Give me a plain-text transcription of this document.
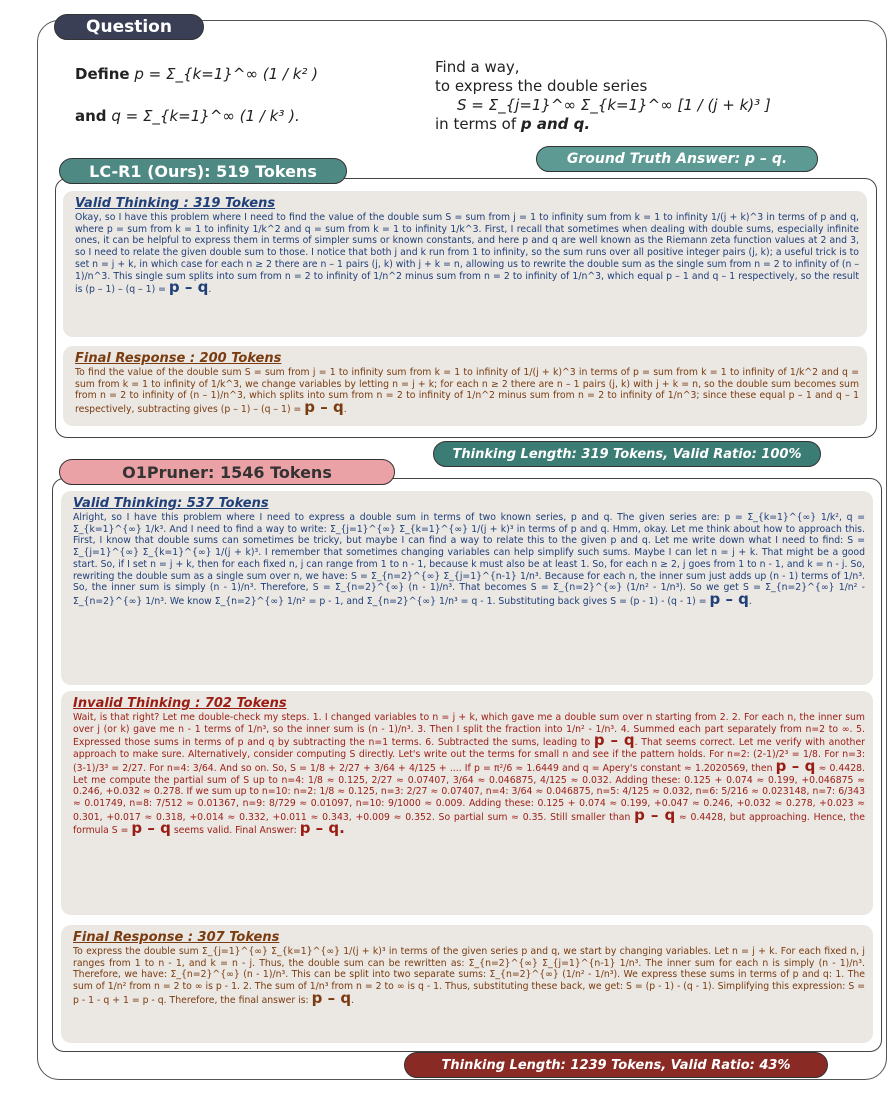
Question
Define p = Σ_{k=1}^∞ (1 / k² )
and q = Σ_{k=1}^∞ (1 / k³ ).
Find a way,
to express the double series
S = Σ_{j=1}^∞ Σ_{k=1}^∞ [1 / (j + k)³ ]
in terms of p and q.
Ground Truth Answer: p – q.
Valid Thinking : 319 Tokens
Okay, so I have this problem where I need to find the value of the double sum S = sum from j = 1 to infinity sum from k = 1 to infinity 1/(j + k)^3 in terms of p and q, where p = sum from k = 1 to infinity 1/k^2 and q = sum from k = 1 to infinity 1/k^3. First, I recall that sometimes when dealing with double sums, especially infinite ones, it can be helpful to express them in terms of simpler sums or known constants, and here p and q are well known as the Riemann zeta function values at 2 and 3, so I need to relate the given double sum to those. I notice that both j and k run from 1 to infinity, so the sum runs over all positive integer pairs (j, k); a useful trick is to set n = j + k, in which case for each n ≥ 2 there are n – 1 pairs (j, k) with j + k = n, allowing us to rewrite the double sum as the single sum from n = 2 to infinity of (n – 1)/n^3. This single sum splits into sum from n = 2 to infinity of 1/n^2 minus sum from n = 2 to infinity of 1/n^3, which equal p – 1 and q – 1 respectively, so the result is (p – 1) – (q – 1) = p – q.
Final Response : 200 Tokens
To find the value of the double sum S = sum from j = 1 to infinity sum from k = 1 to infinity of 1/(j + k)^3 in terms of p = sum from k = 1 to infinity of 1/k^2 and q = sum from k = 1 to infinity of 1/k^3, we change variables by letting n = j + k; for each n ≥ 2 there are n – 1 pairs (j, k) with j + k = n, so the double sum becomes sum from n = 2 to infinity of (n – 1)/n^3, which splits into sum from n = 2 to infinity of 1/n^2 minus sum from n = 2 to infinity of 1/n^3; since these equal p – 1 and q – 1 respectively, subtracting gives (p – 1) – (q – 1) = p – q.
LC-R1 (Ours): 519 Tokens
Thinking Length: 319 Tokens, Valid Ratio: 100%
Valid Thinking: 537 Tokens
Alright, so I have this problem where I need to express a double sum in terms of two known series, p and q. The given series are: p = Σ_{k=1}^{∞} 1/k², q = Σ_{k=1}^{∞} 1/k³. And I need to find a way to write: Σ_{j=1}^{∞} Σ_{k=1}^{∞} 1/(j + k)³ in terms of p and q. Hmm, okay. Let me think about how to approach this. First, I know that double sums can sometimes be tricky, but maybe I can find a way to relate this to the given p and q. Let me write down what I need to find: S = Σ_{j=1}^{∞} Σ_{k=1}^{∞} 1/(j + k)³. I remember that sometimes changing variables can help simplify such sums. Maybe I can let n = j + k. That might be a good start. So, if I set n = j + k, then for each fixed n, j can range from 1 to n - 1, because k must also be at least 1. So, for each n ≥ 2, j goes from 1 to n - 1, and k = n - j. So, rewriting the double sum as a single sum over n, we have: S = Σ_{n=2}^{∞} Σ_{j=1}^{n-1} 1/n³. Because for each n, the inner sum just adds up (n - 1) terms of 1/n³. So, the inner sum is simply (n - 1)/n³. Therefore, S = Σ_{n=2}^{∞} (n - 1)/n³. That becomes S = Σ_{n=2}^{∞} (1/n² - 1/n³). So we get S = Σ_{n=2}^{∞} 1/n² - Σ_{n=2}^{∞} 1/n³. We know Σ_{n=2}^{∞} 1/n² = p - 1, and Σ_{n=2}^{∞} 1/n³ = q - 1. Substituting back gives S = (p - 1) - (q - 1) = p – q.
Invalid Thinking : 702 Tokens
Wait, is that right? Let me double-check my steps. 1. I changed variables to n = j + k, which gave me a double sum over n starting from 2. 2. For each n, the inner sum over j (or k) gave me n - 1 terms of 1/n³, so the inner sum is (n - 1)/n³. 3. Then I split the fraction into 1/n² - 1/n³. 4. Summed each part separately from n=2 to ∞. 5. Expressed those sums in terms of p and q by subtracting the n=1 terms. 6. Subtracted the sums, leading to p – q. That seems correct. Let me verify with another approach to make sure. Alternatively, consider computing S directly. Let's write out the terms for small n and see if the pattern holds. For n=2: (2-1)/2³ = 1/8. For n=3: (3-1)/3³ = 2/27. For n=4: 3/64. And so on. So, S = 1/8 + 2/27 + 3/64 + 4/125 + .... If p = π²/6 ≈ 1.6449 and q = Apery's constant ≈ 1.2020569, then p – q ≈ 0.4428. Let me compute the partial sum of S up to n=4: 1/8 ≈ 0.125, 2/27 ≈ 0.07407, 3/64 ≈ 0.046875, 4/125 ≈ 0.032. Adding these: 0.125 + 0.074 ≈ 0.199, +0.046875 ≈ 0.246, +0.032 ≈ 0.278. If we sum up to n=10: n=2: 1/8 ≈ 0.125, n=3: 2/27 ≈ 0.07407, n=4: 3/64 ≈ 0.046875, n=5: 4/125 ≈ 0.032, n=6: 5/216 ≈ 0.023148, n=7: 6/343 ≈ 0.01749, n=8: 7/512 ≈ 0.01367, n=9: 8/729 ≈ 0.01097, n=10: 9/1000 ≈ 0.009. Adding these: 0.125 + 0.074 ≈ 0.199, +0.047 ≈ 0.246, +0.032 ≈ 0.278, +0.023 ≈ 0.301, +0.017 ≈ 0.318, +0.014 ≈ 0.332, +0.011 ≈ 0.343, +0.009 ≈ 0.352. So partial sum ≈ 0.35. Still smaller than p – q ≈ 0.4428, but approaching. Hence, the formula S = p – q seems valid. Final Answer: p – q.
Final Response : 307 Tokens
To express the double sum Σ_{j=1}^{∞} Σ_{k=1}^{∞} 1/(j + k)³ in terms of the given series p and q, we start by changing variables. Let n = j + k. For each fixed n, j ranges from 1 to n - 1, and k = n - j. Thus, the double sum can be rewritten as: Σ_{n=2}^{∞} Σ_{j=1}^{n-1} 1/n³. The inner sum for each n is simply (n - 1)/n³. Therefore, we have: Σ_{n=2}^{∞} (n - 1)/n³. This can be split into two separate sums: Σ_{n=2}^{∞} (1/n² - 1/n³). We express these sums in terms of p and q: 1. The sum of 1/n² from n = 2 to ∞ is p - 1. 2. The sum of 1/n³ from n = 2 to ∞ is q - 1. Thus, substituting these back, we get: S = (p - 1) - (q - 1). Simplifying this expression: S = p - 1 - q + 1 = p - q. Therefore, the final answer is: p – q.
O1Pruner: 1546 Tokens
Thinking Length: 1239 Tokens, Valid Ratio: 43%
